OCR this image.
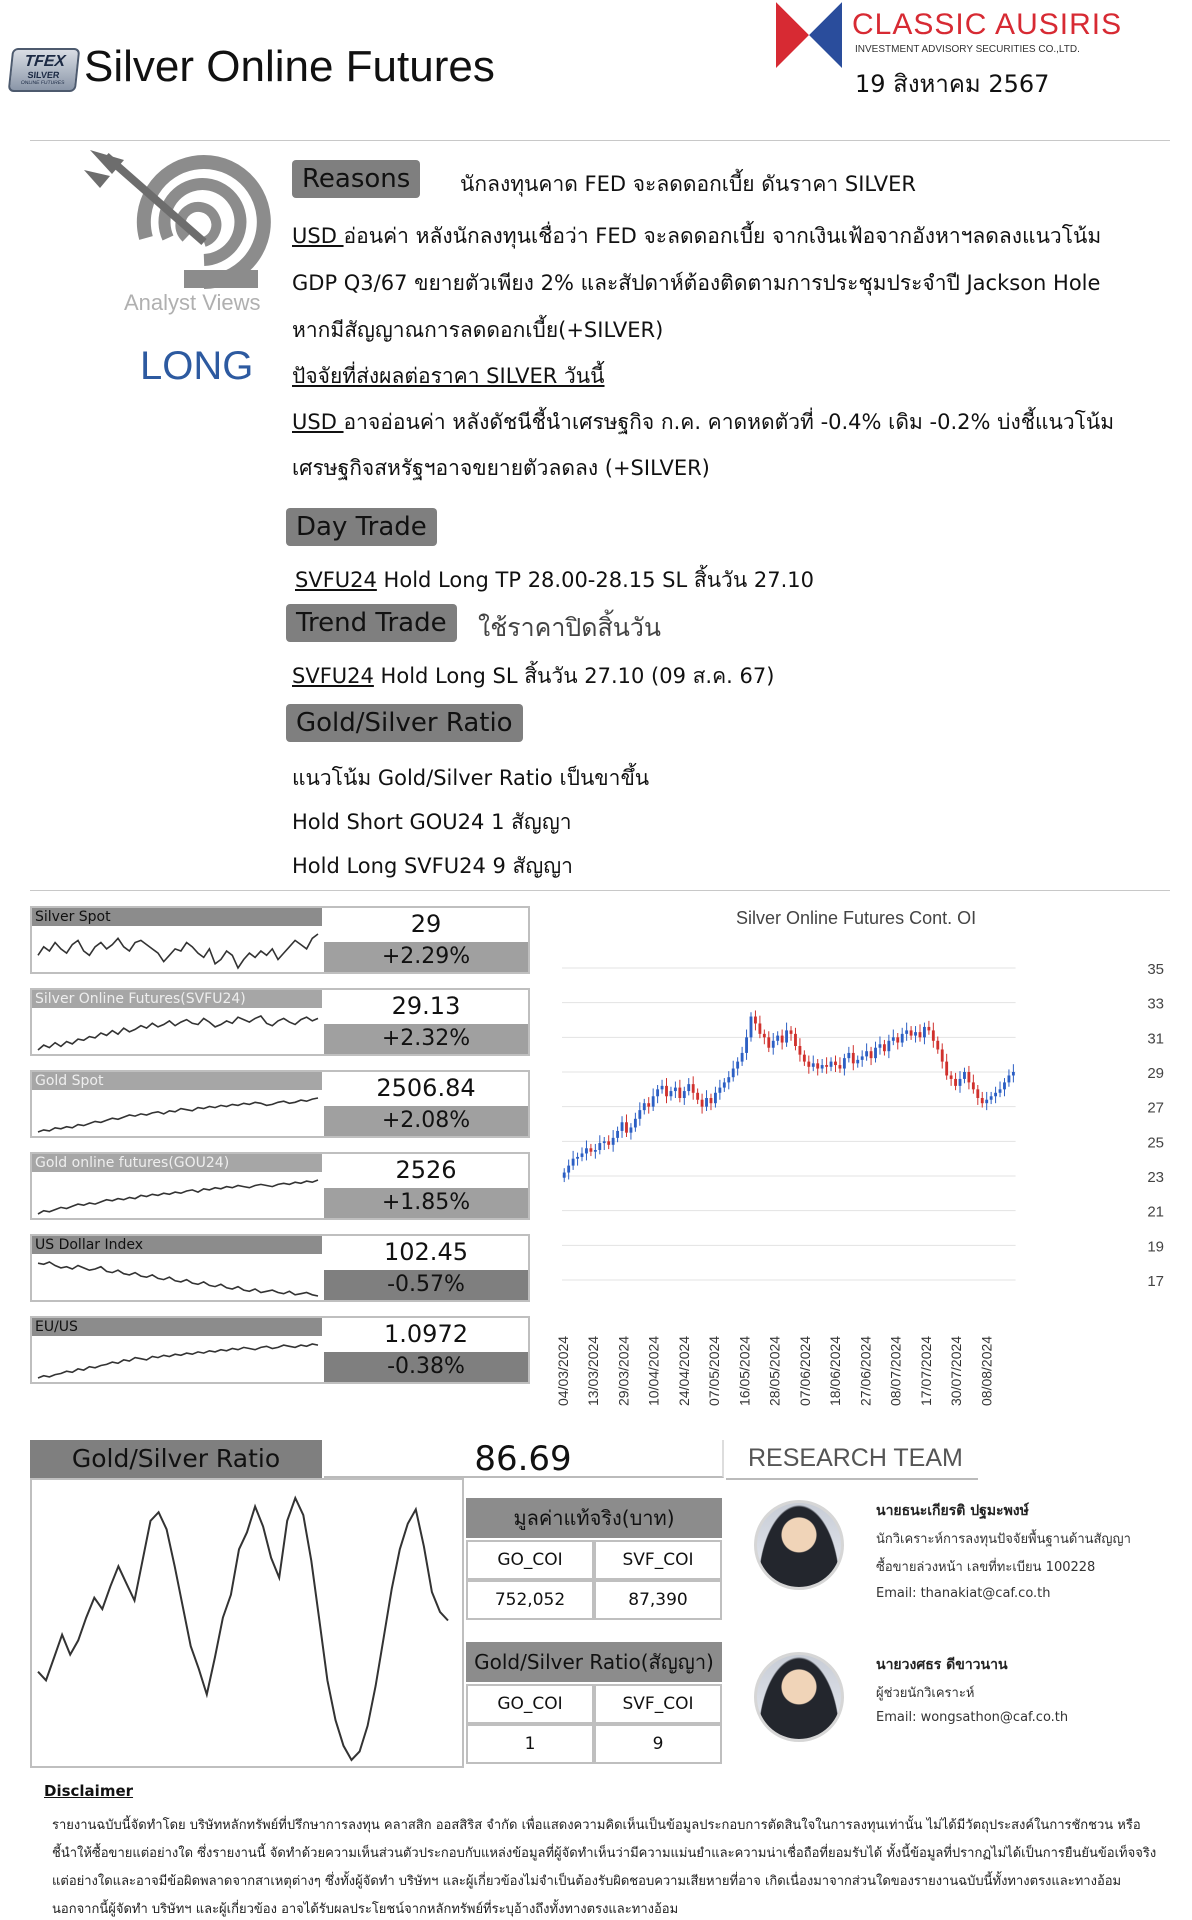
TFEX
SILVER
ONLINE FUTURES Silver Online Futures
CLASSIC AUSIRIS
INVESTMENT ADVISORY SECURITIES CO.,LTD.
19 สิงหาคม 2567
Analyst Views
LONG
Reasons	นักลงทุนคาด FED จะลดดอกเบี้ย ดันราคา SILVER
USD อ่อนค่า หลังนักลงทุนเชื่อว่า FED จะลดดอกเบี้ย จากเงินเฟ้อจากอังหาฯลดลงแนวโน้ม
GDP Q3/67 ขยายตัวเพียง 2% และสัปดาห์ต้องติดตามการประชุมประจำปี Jackson Hole
หากมีสัญญาณการลดดอกเบี้ย(+SILVER)
ปัจจัยที่ส่งผลต่อราคา SILVER วันนี้
USD อาจอ่อนค่า หลังดัชนีชี้นำเศรษฐกิจ ก.ค. คาดหดตัวที่ -0.4% เดิม -0.2% บ่งชี้แนวโน้ม
เศรษฐกิจสหรัฐฯอาจขยายตัวลดลง (+SILVER)
Day Trade
SVFU24 Hold Long TP 28.00-28.15 SL สิ้นวัน 27.10
Trend Trade	ใช้ราคาปิดสิ้นวัน
SVFU24 Hold Long SL สิ้นวัน 27.10 (09 ส.ค. 67)
Gold/Silver Ratio
แนวโน้ม Gold/Silver Ratio เป็นขาขึ้น
Hold Short GOU24 1 สัญญา
Hold Long SVFU24 9 สัญญา
Silver Spot	29
+2.29%
Silver Online Futures(SVFU24)	29.13
+2.32%
Gold Spot	2506.84
+2.08%
Gold online futures(GOU24)	2526
+1.85%
US Dollar Index	102.45
-0.57%
EU/US	1.0972
-0.38%
Silver Online Futures Cont. OI
35
33
31
29
27
25
23
21
19
17
04/03/2024 13/03/2024 29/03/2024 10/04/2024 24/04/2024 07/05/2024 16/05/2024 28/05/2024 07/06/2024 18/06/2024 27/06/2024 08/07/2024 17/07/2024 30/07/2024 08/08/2024
Gold/Silver Ratio	86.69
มูลค่าแท้จริง(บาท)
GO_COI	SVF_COI
752,052	87,390
Gold/Silver Ratio(สัญญา)
GO_COI	SVF_COI
1	9
RESEARCH TEAM
นายธนะเกียรติ ปฐมะพงษ์
นักวิเคราะห์การลงทุนปัจจัยพื้นฐานด้านสัญญา
ซื้อขายล่วงหน้า เลขที่ทะเบียน 100228
Email: thanakiat@caf.co.th
นายวงศธร ดีขาวนาน
ผู้ช่วยนักวิเคราะห์
Email: wongsathon@caf.co.th
Disclaimer
รายงานฉบับนี้จัดทำโดย บริษัทหลักทรัพย์ที่ปรึกษาการลงทุน คลาสสิก ออสสิริส จำกัด เพื่อแสดงความคิดเห็นเป็นข้อมูลประกอบการตัดสินใจในการลงทุนเท่านั้น ไม่ได้มีวัตถุประสงค์ในการชักชวน หรือ
ชี้นำให้ซื้อขายแต่อย่างใด ซึ่งรายงานนี้ จัดทำด้วยความเห็นส่วนตัวประกอบกับแหล่งข้อมูลที่ผู้จัดทำเห็นว่ามีความแม่นยำและความน่าเชื่อถือที่ยอมรับได้ ทั้งนี้ข้อมูลที่ปรากฏไม่ได้เป็นการยืนยันข้อเท็จจริง
แต่อย่างใดและอาจมีข้อผิดพลาดจากสาเหตุต่างๆ ซึ่งทั้งผู้จัดทำ บริษัทฯ และผู้เกี่ยวข้องไม่จำเป็นต้องรับผิดชอบความเสียหายที่อาจ เกิดเนื่องมาจากส่วนใดของรายงานฉบับนี้ทั้งทางตรงและทางอ้อม
นอกจากนี้ผู้จัดทำ บริษัทฯ และผู้เกี่ยวข้อง อาจได้รับผลประโยชน์จากหลักทรัพย์ที่ระบุอ้างถึงทั้งทางตรงและทางอ้อม
